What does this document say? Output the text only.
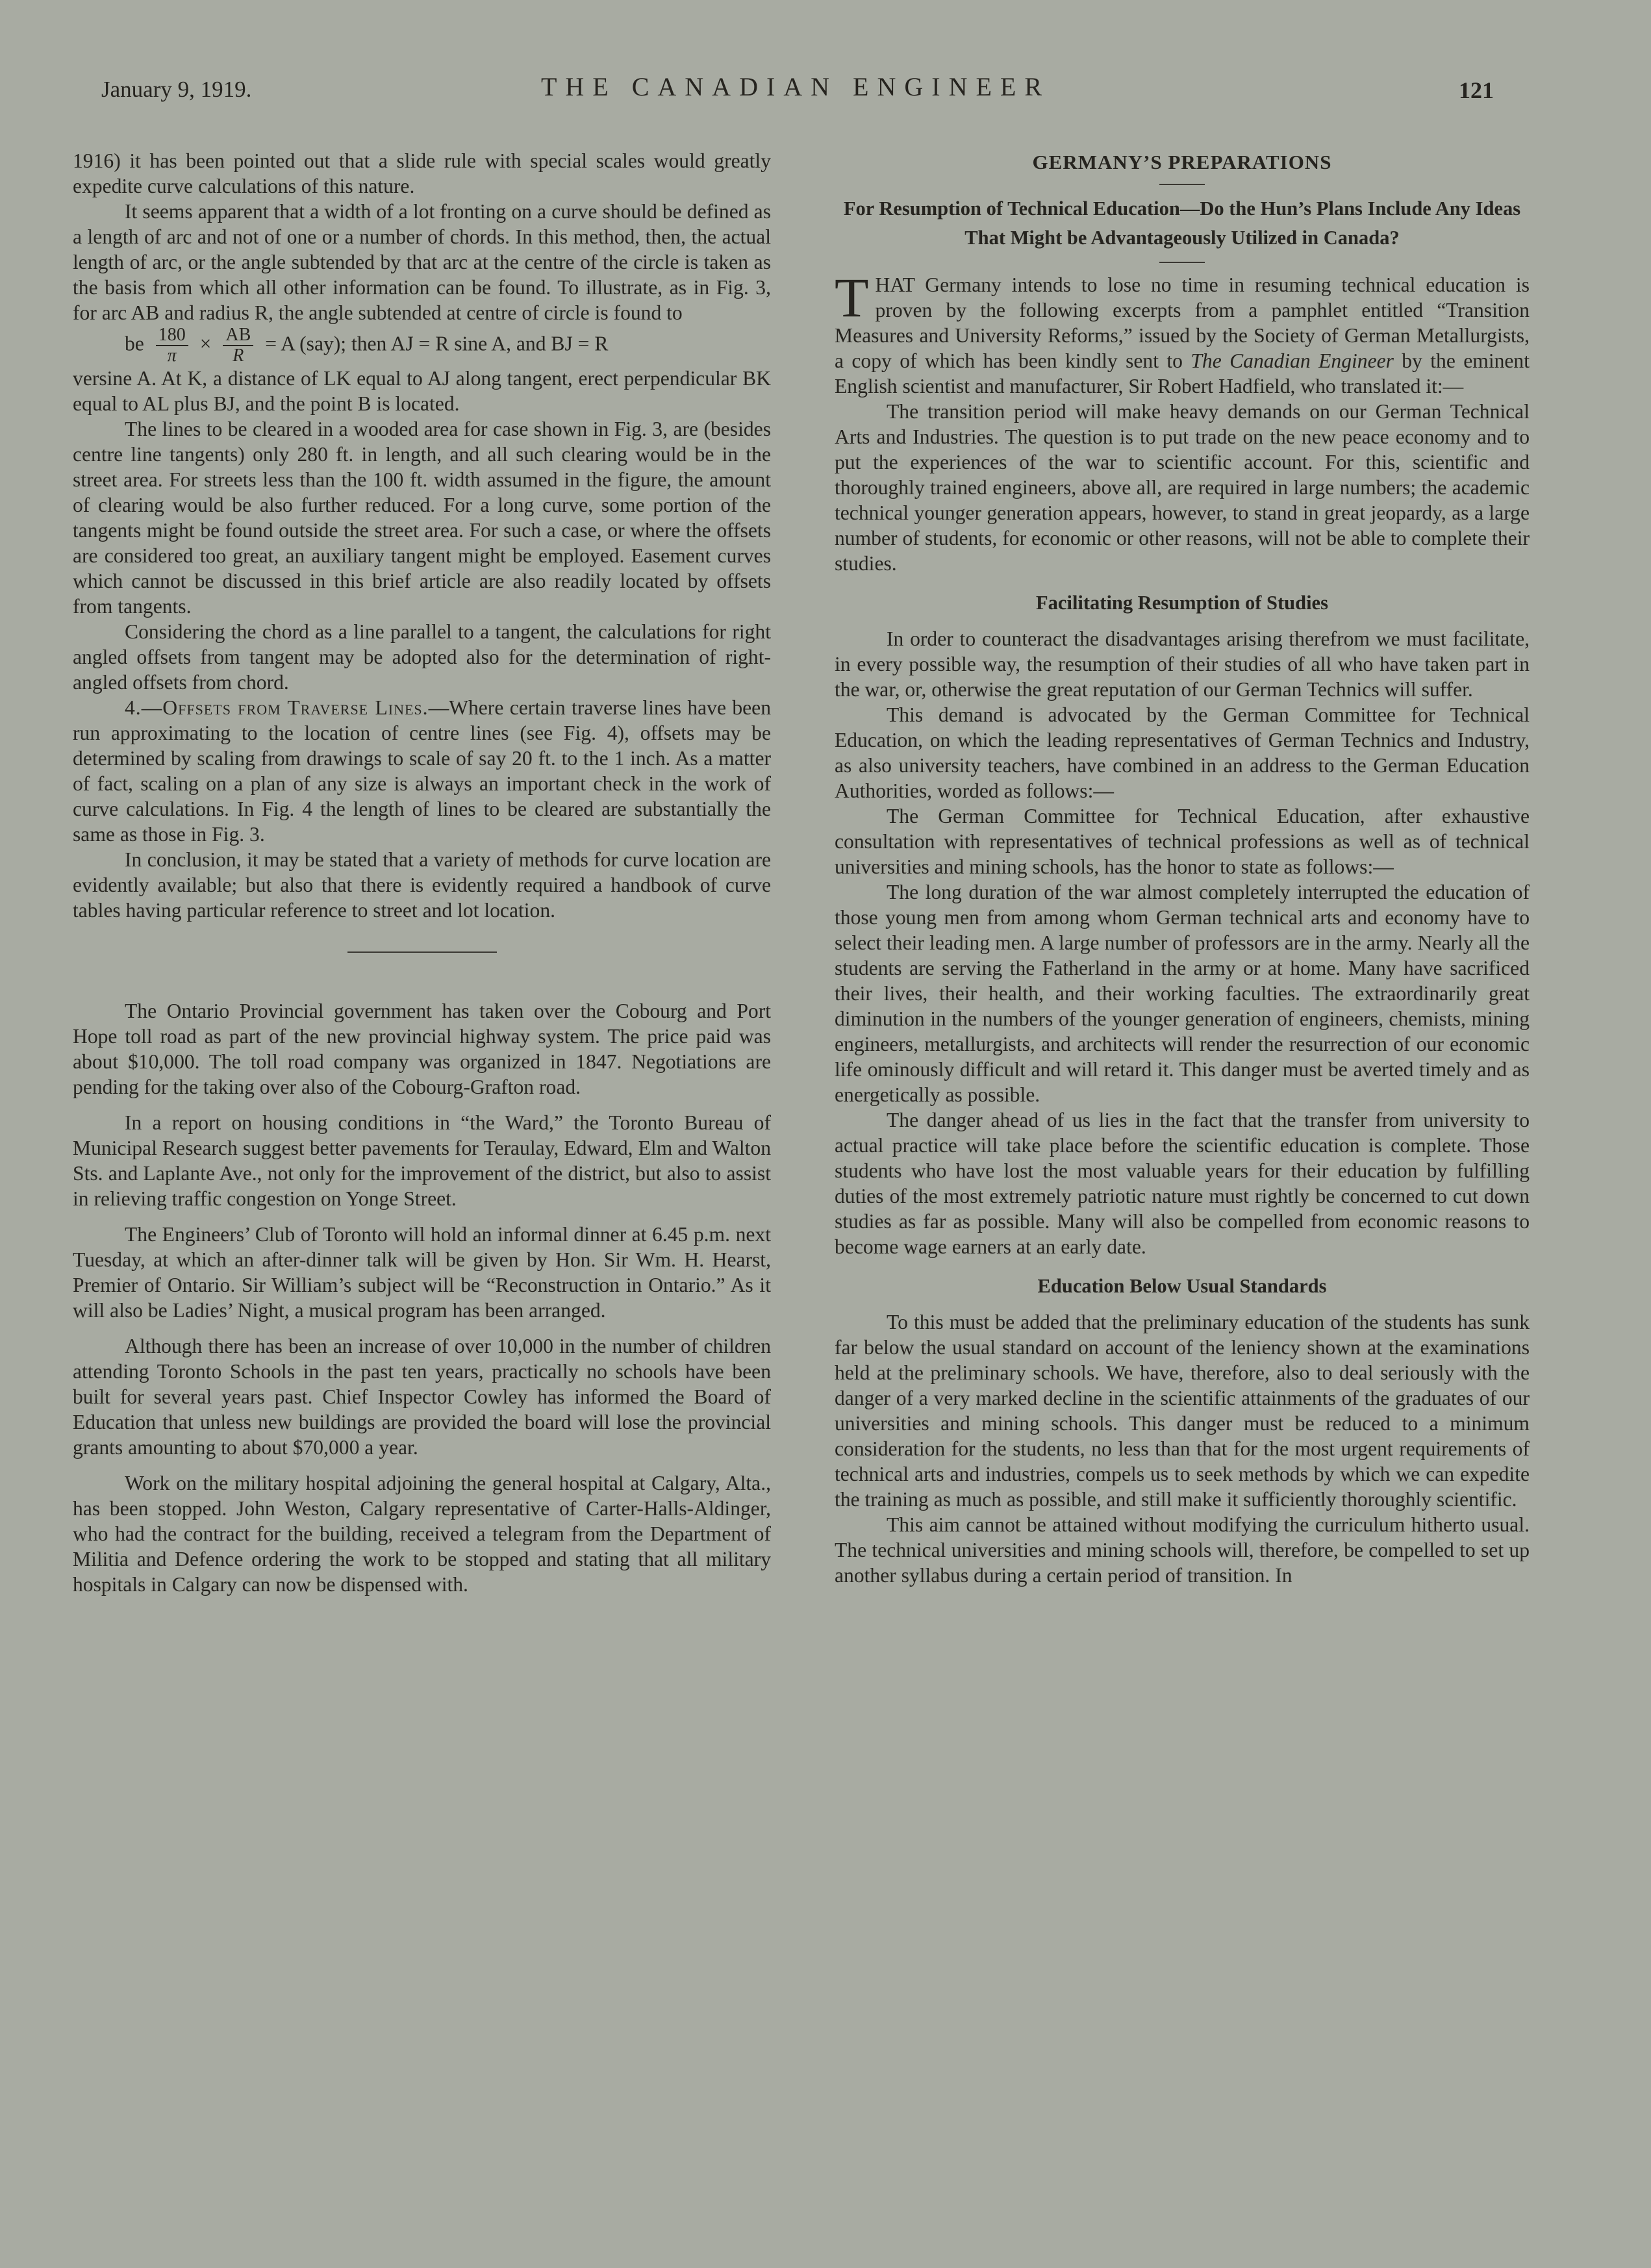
January 9, 1919.	THE CANADIAN ENGINEER	121

1916) it has been pointed out that a slide rule with special scales would greatly expedite curve calculations of this nature.

It seems apparent that a width of a lot fronting on a curve should be defined as a length of arc and not of one or a number of chords. In this method, then, the actual length of arc, or the angle subtended by that arc at the centre of the circle is taken as the basis from which all other information can be found. To illustrate, as in Fig. 3, for arc AB and radius R, the angle subtended at centre of circle is found to

be $\frac{180}{\pi} \times \frac{AB}{R} = A$ (say); then AJ = R sine A, and BJ = R

versine A. At K, a distance of LK equal to AJ along tangent, erect perpendicular BK equal to AL plus BJ, and the point B is located.

The lines to be cleared in a wooded area for case shown in Fig. 3, are (besides centre line tangents) only 280 ft. in length, and all such clearing would be in the street area. For streets less than the 100 ft. width assumed in the figure, the amount of clearing would be also further reduced. For a long curve, some portion of the tangents might be found outside the street area. For such a case, or where the offsets are considered too great, an auxiliary tangent might be employed. Easement curves which cannot be discussed in this brief article are also readily located by offsets from tangents.

Considering the chord as a line parallel to a tangent, the calculations for right angled offsets from tangent may be adopted also for the determination of right-angled offsets from chord.

4.—Offsets from Traverse Lines.—Where certain traverse lines have been run approximating to the location of centre lines (see Fig. 4), offsets may be determined by scaling from drawings to scale of say 20 ft. to the 1 inch. As a matter of fact, scaling on a plan of any size is always an important check in the work of curve calculations. In Fig. 4 the length of lines to be cleared are substantially the same as those in Fig. 3.

In conclusion, it may be stated that a variety of methods for curve location are evidently available; but also that there is evidently required a handbook of curve tables having particular reference to street and lot location.

The Ontario Provincial government has taken over the Cobourg and Port Hope toll road as part of the new provincial highway system. The price paid was about $10,000. The toll road company was organized in 1847. Negotiations are pending for the taking over also of the Cobourg-Grafton road.

In a report on housing conditions in “the Ward,” the Toronto Bureau of Municipal Research suggest better pavements for Teraulay, Edward, Elm and Walton Sts. and Laplante Ave., not only for the improvement of the district, but also to assist in relieving traffic congestion on Yonge Street.

The Engineers’ Club of Toronto will hold an informal dinner at 6.45 p.m. next Tuesday, at which an after-dinner talk will be given by Hon. Sir Wm. H. Hearst, Premier of Ontario. Sir William’s subject will be “Reconstruction in Ontario.” As it will also be Ladies’ Night, a musical program has been arranged.

Although there has been an increase of over 10,000 in the number of children attending Toronto Schools in the past ten years, practically no schools have been built for several years past. Chief Inspector Cowley has informed the Board of Education that unless new buildings are provided the board will lose the provincial grants amounting to about $70,000 a year.

Work on the military hospital adjoining the general hospital at Calgary, Alta., has been stopped. John Weston, Calgary representative of Carter-Halls-Aldinger, who had the contract for the building, received a telegram from the Department of Militia and Defence ordering the work to be stopped and stating that all military hospitals in Calgary can now be dispensed with.

GERMANY’S PREPARATIONS
For Resumption of Technical Education—Do the Hun’s Plans Include Any Ideas That Might be Advantageously Utilized in Canada?

THAT Germany intends to lose no time in resuming technical education is proven by the following excerpts from a pamphlet entitled “Transition Measures and University Reforms,” issued by the Society of German Metallurgists, a copy of which has been kindly sent to The Canadian Engineer by the eminent English scientist and manufacturer, Sir Robert Hadfield, who translated it:—

The transition period will make heavy demands on our German Technical Arts and Industries. The question is to put trade on the new peace economy and to put the experiences of the war to scientific account. For this, scientific and thoroughly trained engineers, above all, are required in large numbers; the academic technical younger generation appears, however, to stand in great jeopardy, as a large number of students, for economic or other reasons, will not be able to complete their studies.

Facilitating Resumption of Studies

In order to counteract the disadvantages arising therefrom we must facilitate, in every possible way, the resumption of their studies of all who have taken part in the war, or, otherwise the great reputation of our German Technics will suffer.

This demand is advocated by the German Committee for Technical Education, on which the leading representatives of German Technics and Industry, as also university teachers, have combined in an address to the German Education Authorities, worded as follows:—

The German Committee for Technical Education, after exhaustive consultation with representatives of technical professions as well as of technical universities and mining schools, has the honor to state as follows:—

The long duration of the war almost completely interrupted the education of those young men from among whom German technical arts and economy have to select their leading men. A large number of professors are in the army. Nearly all the students are serving the Fatherland in the army or at home. Many have sacrificed their lives, their health, and their working faculties. The extraordinarily great diminution in the numbers of the younger generation of engineers, chemists, mining engineers, metallurgists, and architects will render the resurrection of our economic life ominously difficult and will retard it. This danger must be averted timely and as energetically as possible.

The danger ahead of us lies in the fact that the transfer from university to actual practice will take place before the scientific education is complete. Those students who have lost the most valuable years for their education by fulfilling duties of the most extremely patriotic nature must rightly be concerned to cut down studies as far as possible. Many will also be compelled from economic reasons to become wage earners at an early date.

Education Below Usual Standards

To this must be added that the preliminary education of the students has sunk far below the usual standard on account of the leniency shown at the examinations held at the preliminary schools. We have, therefore, also to deal seriously with the danger of a very marked decline in the scientific attainments of the graduates of our universities and mining schools. This danger must be reduced to a minimum consideration for the students, no less than that for the most urgent requirements of technical arts and industries, compels us to seek methods by which we can expedite the training as much as possible, and still make it sufficiently thoroughly scientific.

This aim cannot be attained without modifying the curriculum hitherto usual. The technical universities and mining schools will, therefore, be compelled to set up another syllabus during a certain period of transition. In
